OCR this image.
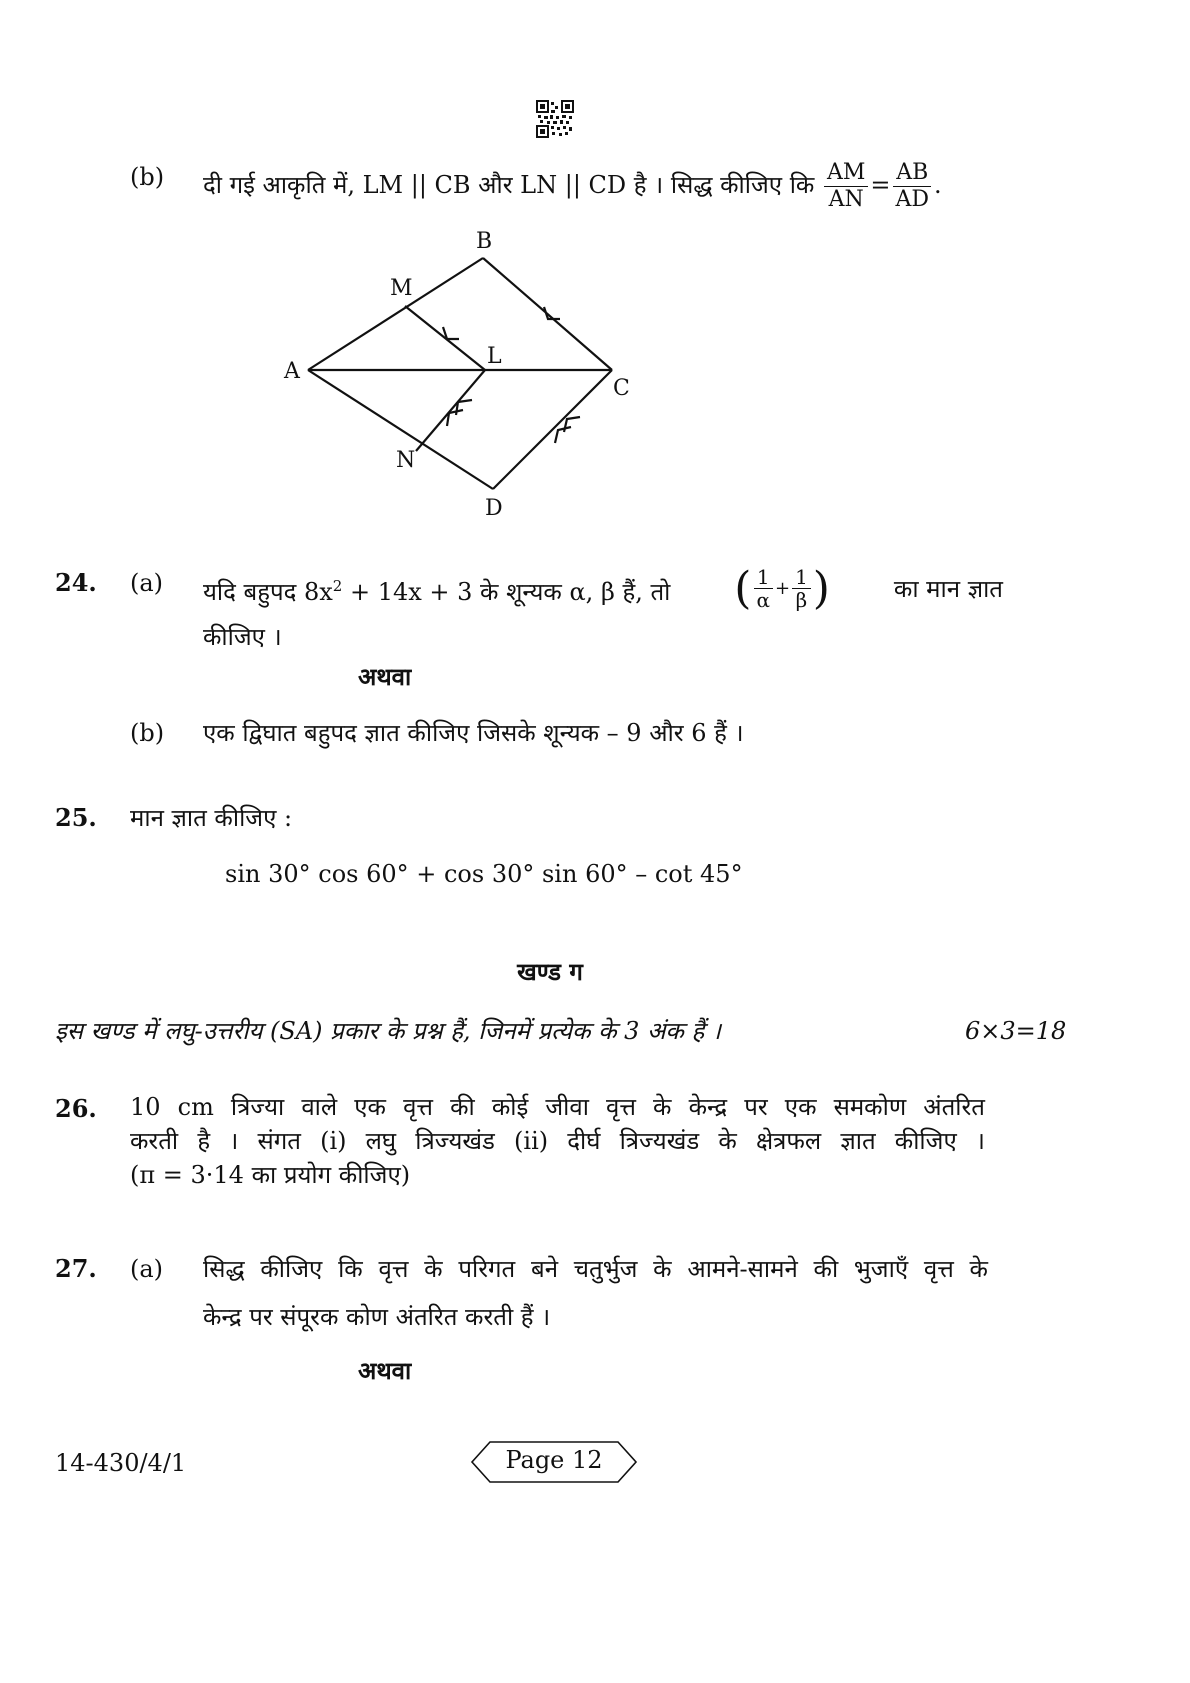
(b) दी गई आकृति में, LM || CB और LN || CD है । सिद्ध कीजिए कि $\frac{AM}{AN} = \frac{AB}{AD}$ .
A
B
C
D
L
M
N
24. (a) यदि बहुपद $8x^2 + 14x + 3$ के शून्यक α, β हैं, तो ( $\frac{1}{\alpha} + \frac{1}{\beta}$ )	का मान ज्ञात
कीजिए ।
अथवा
(b) एक द्विघात बहुपद ज्ञात कीजिए जिसके शून्यक – 9 और 6 हैं ।
25. मान ज्ञात कीजिए :
sin 30° cos 60° + cos 30° sin 60° – cot 45°
खण्ड ग
इस खण्ड में लघु-उत्तरीय (SA) प्रकार के प्रश्न हैं, जिनमें प्रत्येक के 3 अंक हैं ।	6×3=18
26. 10 cm त्रिज्या वाले एक वृत्त की कोई जीवा वृत्त के केन्द्र पर एक समकोण अंतरित
करती है । संगत (i) लघु त्रिज्यखंड (ii) दीर्घ त्रिज्यखंड के क्षेत्रफल ज्ञात कीजिए ।
(π = 3·14 का प्रयोग कीजिए)
27. (a) सिद्ध कीजिए कि वृत्त के परिगत बने चतुर्भुज के आमने-सामने की भुजाएँ वृत्त के
केन्द्र पर संपूरक कोण अंतरित करती हैं ।
अथवा
14-430/4/1	Page 12
